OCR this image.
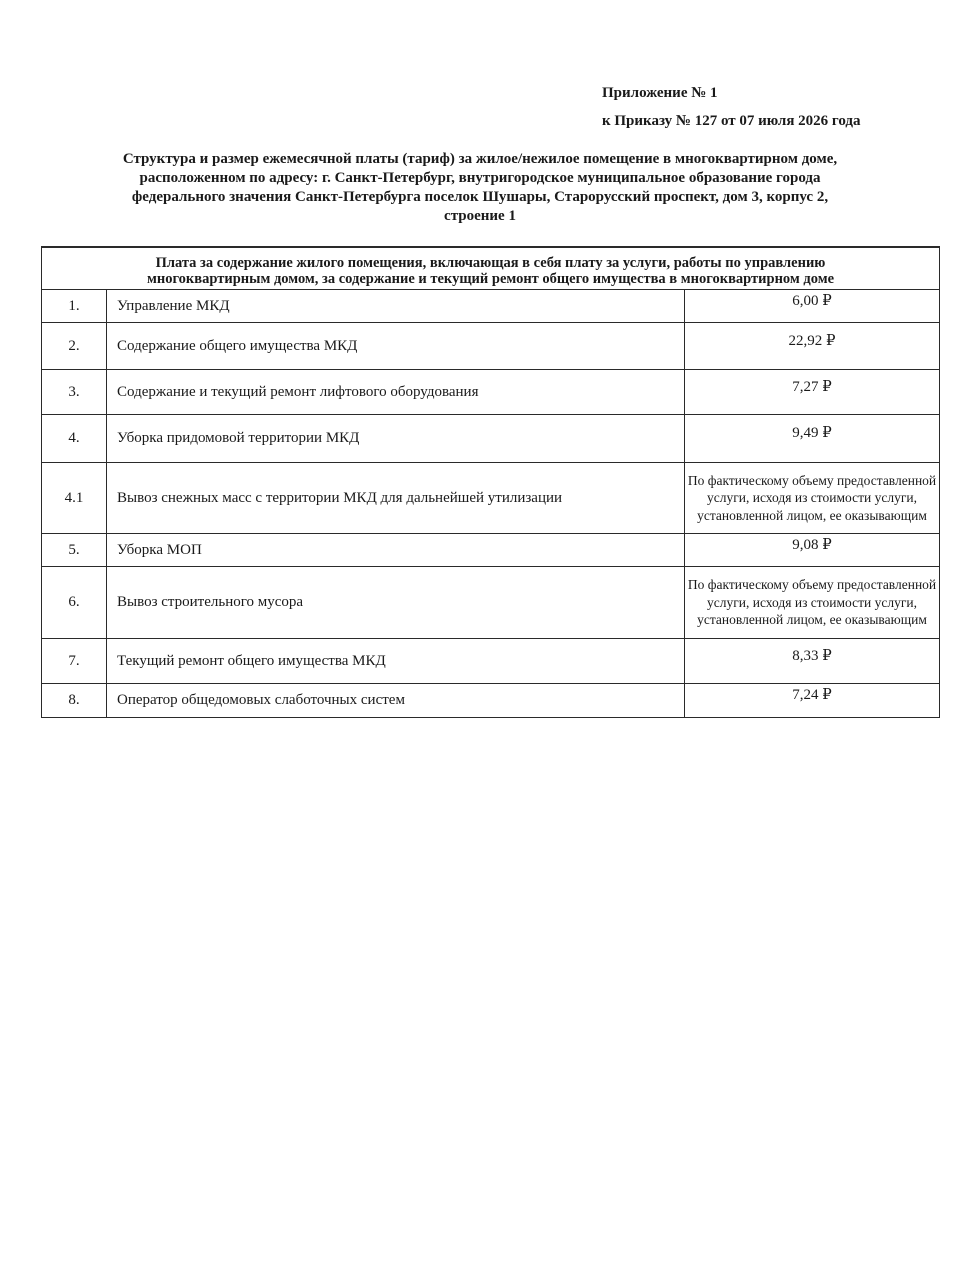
Приложение № 1
к Приказу № 127 от 07 июля 2026 года
Структура и размер ежемесячной платы (тариф) за жилое/нежилое помещение в многоквартирном доме,
расположенном по адресу: г. Санкт-Петербург, внутригородское муниципальное образование города
федерального значения Санкт-Петербурга поселок Шушары, Старорусский проспект, дом 3, корпус 2,
строение 1
Плата за содержание жилого помещения, включающая в себя плату за услуги, работы по управлению
многоквартирным домом, за содержание и текущий ремонт общего имущества в многоквартирном доме		

1.	Управление МКД	6,00 ₽
2.	Содержание общего имущества МКД	22,92 ₽
3.	Содержание и текущий ремонт лифтового оборудования	7,27 ₽
4.	Уборка придомовой территории МКД	9,49 ₽
4.1	Вывоз снежных масс с территории МКД для дальнейшей утилизации	По фактическому объему предоставленной услуги, исходя из стоимости услуги, установленной лицом, ее оказывающим

5.	Уборка МОП	9,08 ₽
6.	Вывоз строительного мусора	По фактическому объему предоставленной услуги, исходя из стоимости услуги, установленной лицом, ее оказывающим

7.	Текущий ремонт общего имущества МКД	8,33 ₽
8.	Оператор общедомовых слаботочных систем	7,24 ₽
